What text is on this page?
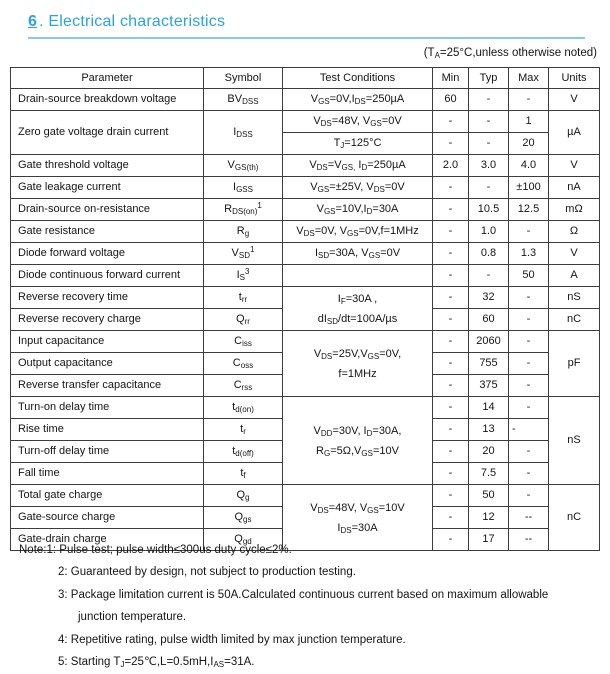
6 . Electrical characteristics
($T_A=25^\circ C,unless$ otherwise noted)
Parameter	Symbol	Test Conditions	Min	Typ	Max	Units
Drain-source breakdown voltage	$BV_{DSS}$	$V_{GS}=0V,I_{DS}=250\mu A$	60	-	-	V
Zero gate voltage drain current	$I_{DSS}$	$V_{DS}=48V$, $V_{GS}=0V$	-	-	1	µA
		$T_J=125^\circ C$	-	-	20	
Gate threshold voltage	$V_{GS(th)}$	$V_{DS}=V_{GS,}$ $I_D=250\mu A$	2.0	3.0	4.0	V
Gate leakage current	$I_{GSS}$	$V_{GS}=\pm 25V$, $V_{DS}=0V$	-	-	±100	nA
Drain-source on-resistance	$R_{DS(on)}^1$	$V_{GS}=10V,I_D=30A$	-	10.5	12.5	mΩ
Gate resistance	$R_g$	$V_{DS}=0V$, $V_{GS}=0V,f=1MHz$	-	1.0	-	Ω
Diode forward voltage	$V_{SD}^1$	$I_{SD}=30A$, $V_{GS}=0V$	-	0.8	1.3	V
Diode continuous forward current	$I_S^3$		-	-	50	A
Reverse recovery time	$t_{rr}$	$I_F=30A$ ,
$dI_{SD}/dt=100A/\mu s$	-	32	-	nS
Reverse recovery charge	$Q_{rr}$		-	60	-	nC
Input capacitance	$C_{iss}$	$V_{DS}=25V,V_{GS}=0V$,
f=1MHz	-	2060	-	pF
Output capacitance	$C_{oss}$		-	755	-	
Reverse transfer capacitance	$C_{rss}$		-	375	-	
Turn-on delay time	$t_{d(on)}$	$V_{DD}=30V$, $I_D=30A$,
$R_G=5\Omega,V_{GS}=10V$	-	14	-	nS
Rise time	$t_r$		-	13	-	
Turn-off delay time	$t_{d(off)}$		-	20	-	
Fall time	$t_f$		-	7.5	-	
Total gate charge	$Q_g$	$V_{DS}=48V$, $V_{GS}=10V$
$I_{DS}=30A$	-	50	-	nC
Gate-source charge	$Q_{gs}$		-	12	--	
Gate-drain charge	$Q_{gd}$		-	17	--	
Note:1: Pulse test; pulse width≤300us duty cycle≤2%.
2: Guaranteed by design, not subject to production testing.
3: Package limitation current is 50A.Calculated continuous current based on maximum allowable
junction temperature.
4: Repetitive rating, pulse width limited by max junction temperature.
5: Starting $T_J=25℃,L=0.5mH,I_{AS}=31A$.
